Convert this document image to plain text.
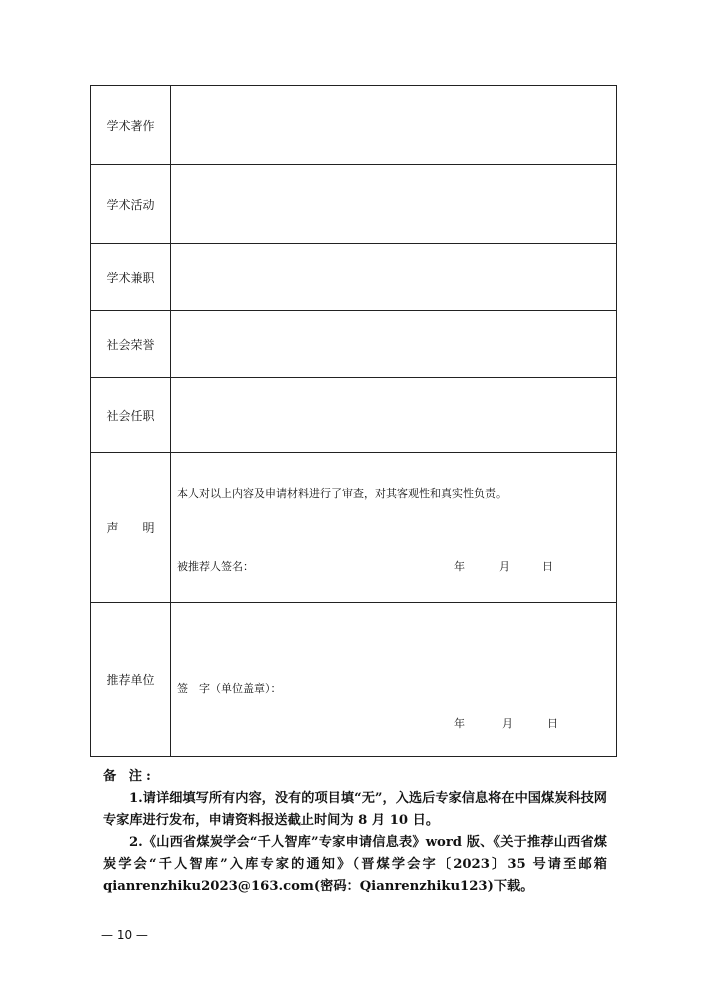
学术著作	
学术活动	
学术兼职	
社会荣誉	
社会任职	
声　　明	本人对以上内容及申请材料进行了审查，对其客观性和真实性负责。
被推荐人签名： 年 月 日

推荐单位	签　字（单位盖章）：
年 月 日
备 注:

1.请详细填写所有内容，没有的项目填“无”，入选后专家信息将在中国煤炭科技网专家库进行发布，申请资料报送截止时间为 8 月 10 日。

2.《山西省煤炭学会“千人智库”专家申请信息表》word 版、《关于推荐山西省煤炭学会“千人智库”入库专家的通知》（晋煤学会字〔2023〕35 号请至邮箱 qianrenzhiku2023@163.com(密码：Qianrenzhiku123)下载。

— 10 —
